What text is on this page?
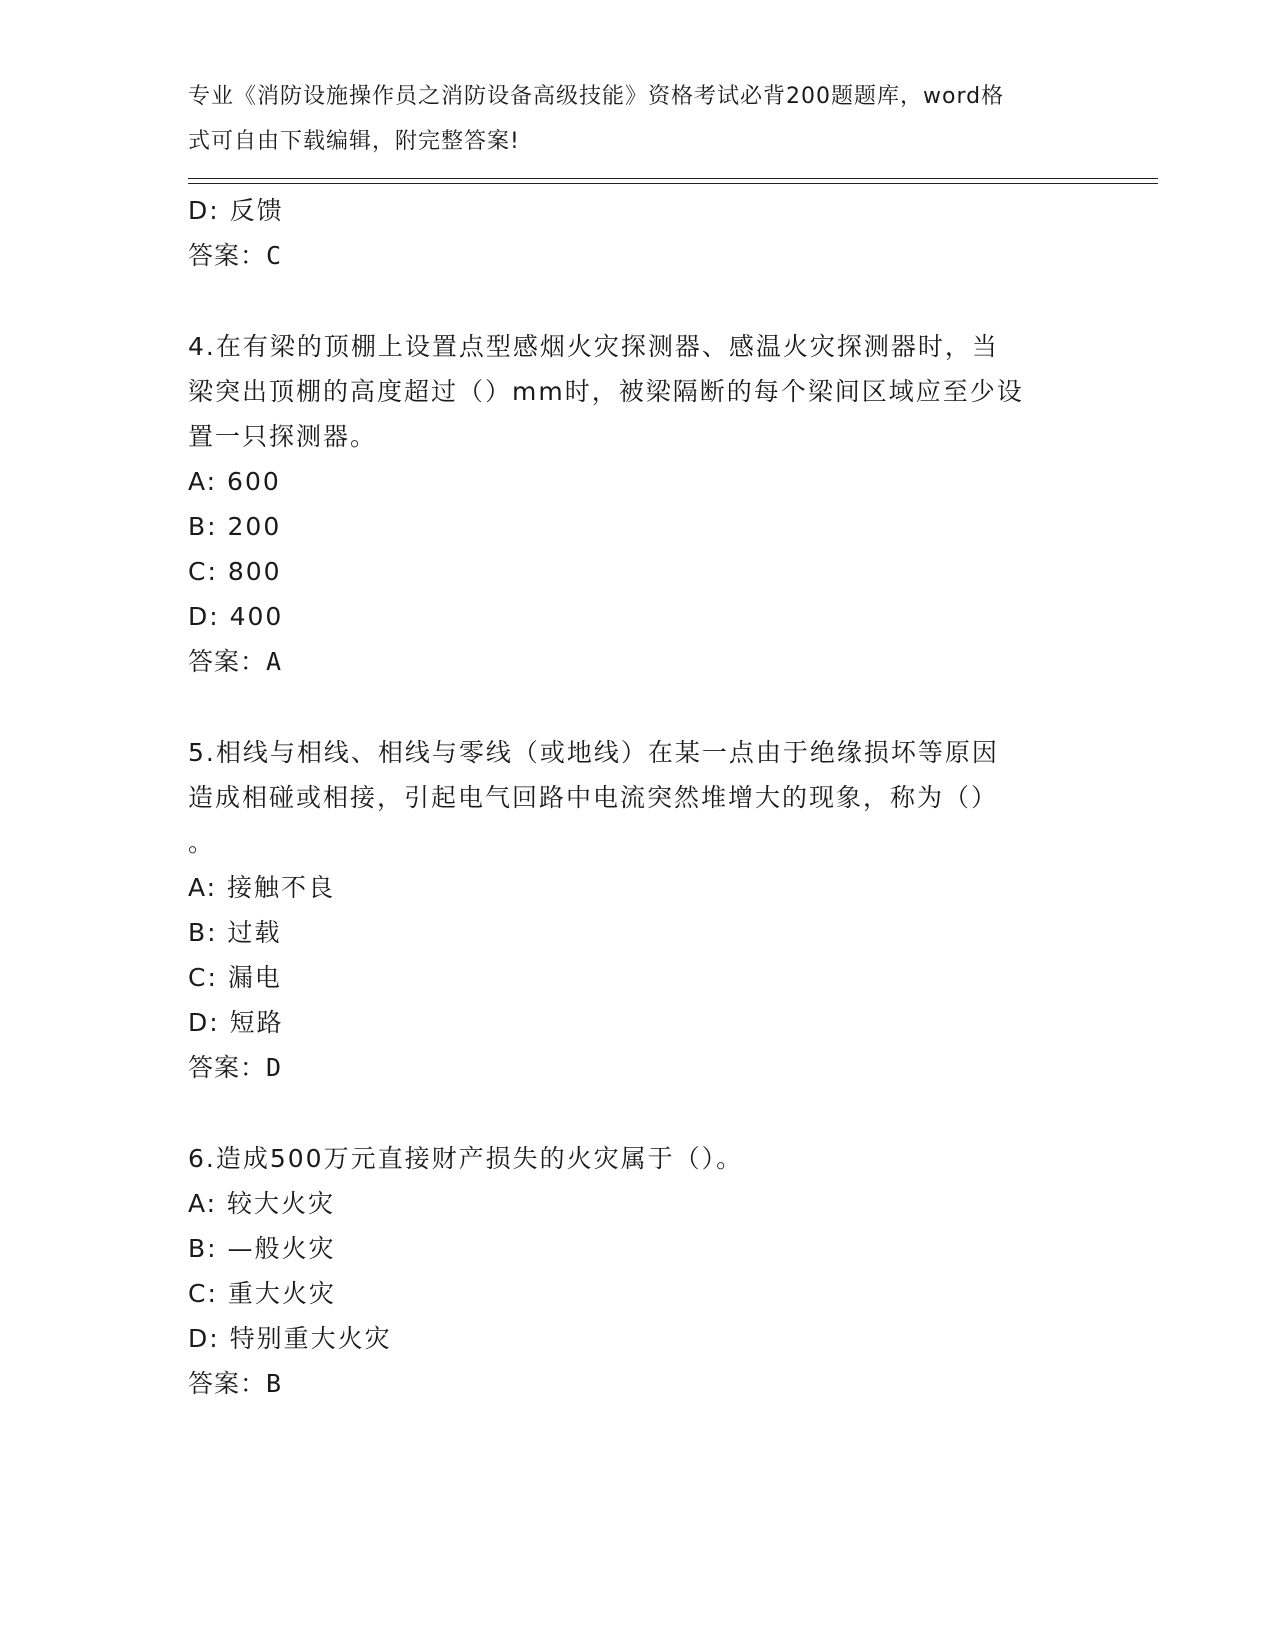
专业《消防设施操作员之消防设备高级技能》资格考试必背200题题库，word格
式可自由下载编辑，附完整答案!
D: 反馈
答案：C
4.在有梁的顶棚上设置点型感烟火灾探测器、感温火灾探测器时，当
梁突出顶棚的高度超过（）mm时，被梁隔断的每个梁间区域应至少设
置一只探测器。
A: 600
B: 200
C: 800
D: 400
答案：A
5.相线与相线、相线与零线（或地线）在某一点由于绝缘损坏等原因
造成相碰或相接，引起电气回路中电流突然堆增大的现象，称为（）
。
A: 接触不良
B: 过载
C: 漏电
D: 短路
答案：D
6.造成500万元直接财产损失的火灾属于（）。
A: 较大火灾
B: —般火灾
C: 重大火灾
D: 特别重大火灾
答案：B
